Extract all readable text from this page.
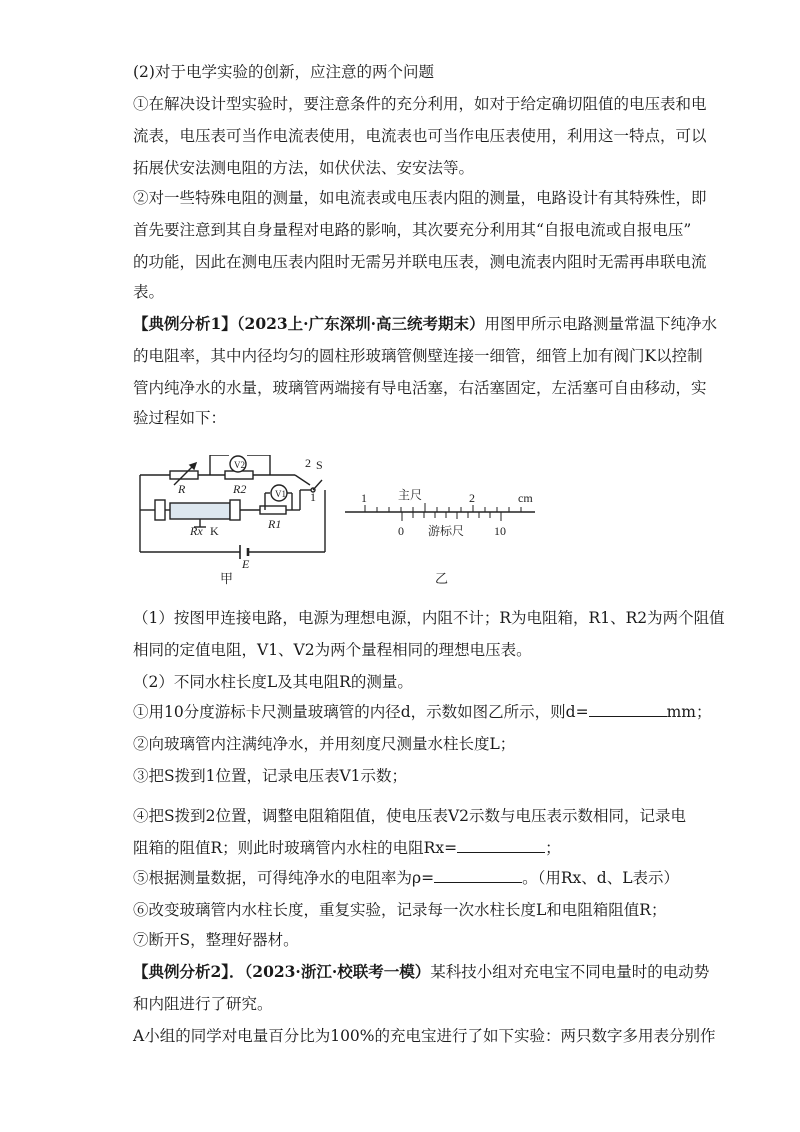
(2)对于电学实验的创新，应注意的两个问题
①在解决设计型实验时，要注意条件的充分利用，如对于给定确切阻值的电压表和电
流表，电压表可当作电流表使用，电流表也可当作电压表使用，利用这一特点，可以
拓展伏安法测电阻的方法，如伏伏法、安安法等。
②对一些特殊电阻的测量，如电流表或电压表内阻的测量，电路设计有其特殊性，即
首先要注意到其自身量程对电路的影响，其次要充分利用其“自报电流或自报电压”
的功能，因此在测电压表内阻时无需另并联电压表，测电流表内阻时无需再串联电流
表。
【典例分析1】（2023上·广东深圳·高三统考期末）用图甲所示电路测量常温下纯净水
的电阻率，其中内径均匀的圆柱形玻璃管侧壁连接一细管，细管上加有阀门K以控制
管内纯净水的水量，玻璃管两端接有导电活塞，右活塞固定，左活塞可自由移动，实
验过程如下：
V2
V1
R	R2
R1
Rx K
E
S
2
1	1	主尺	2	cm
0 游标尺 10
甲	乙
（1）按图甲连接电路，电源为理想电源，内阻不计；R为电阻箱，R1、R2为两个阻值
相同的定值电阻，V1、V2为两个量程相同的理想电压表。
（2）不同水柱长度L及其电阻R的测量。
①用10分度游标卡尺测量玻璃管的内径d，示数如图乙所示，则d=	mm；
②向玻璃管内注满纯净水，并用刻度尺测量水柱长度L；
③把S拨到1位置，记录电压表V1示数；
④把S拨到2位置，调整电阻箱阻值，使电压表V2示数与电压表示数相同，记录电
阻箱的阻值R；则此时玻璃管内水柱的电阻Rx=	；
⑤根据测量数据，可得纯净水的电阻率为ρ=	。（用Rx、d、L表示）
⑥改变玻璃管内水柱长度，重复实验，记录每一次水柱长度L和电阻箱阻值R；
⑦断开S，整理好器材。
【典例分析2】．（2023·浙江·校联考一模）某科技小组对充电宝不同电量时的电动势
和内阻进行了研究。
A小组的同学对电量百分比为100%的充电宝进行了如下实验：两只数字多用表分别作
